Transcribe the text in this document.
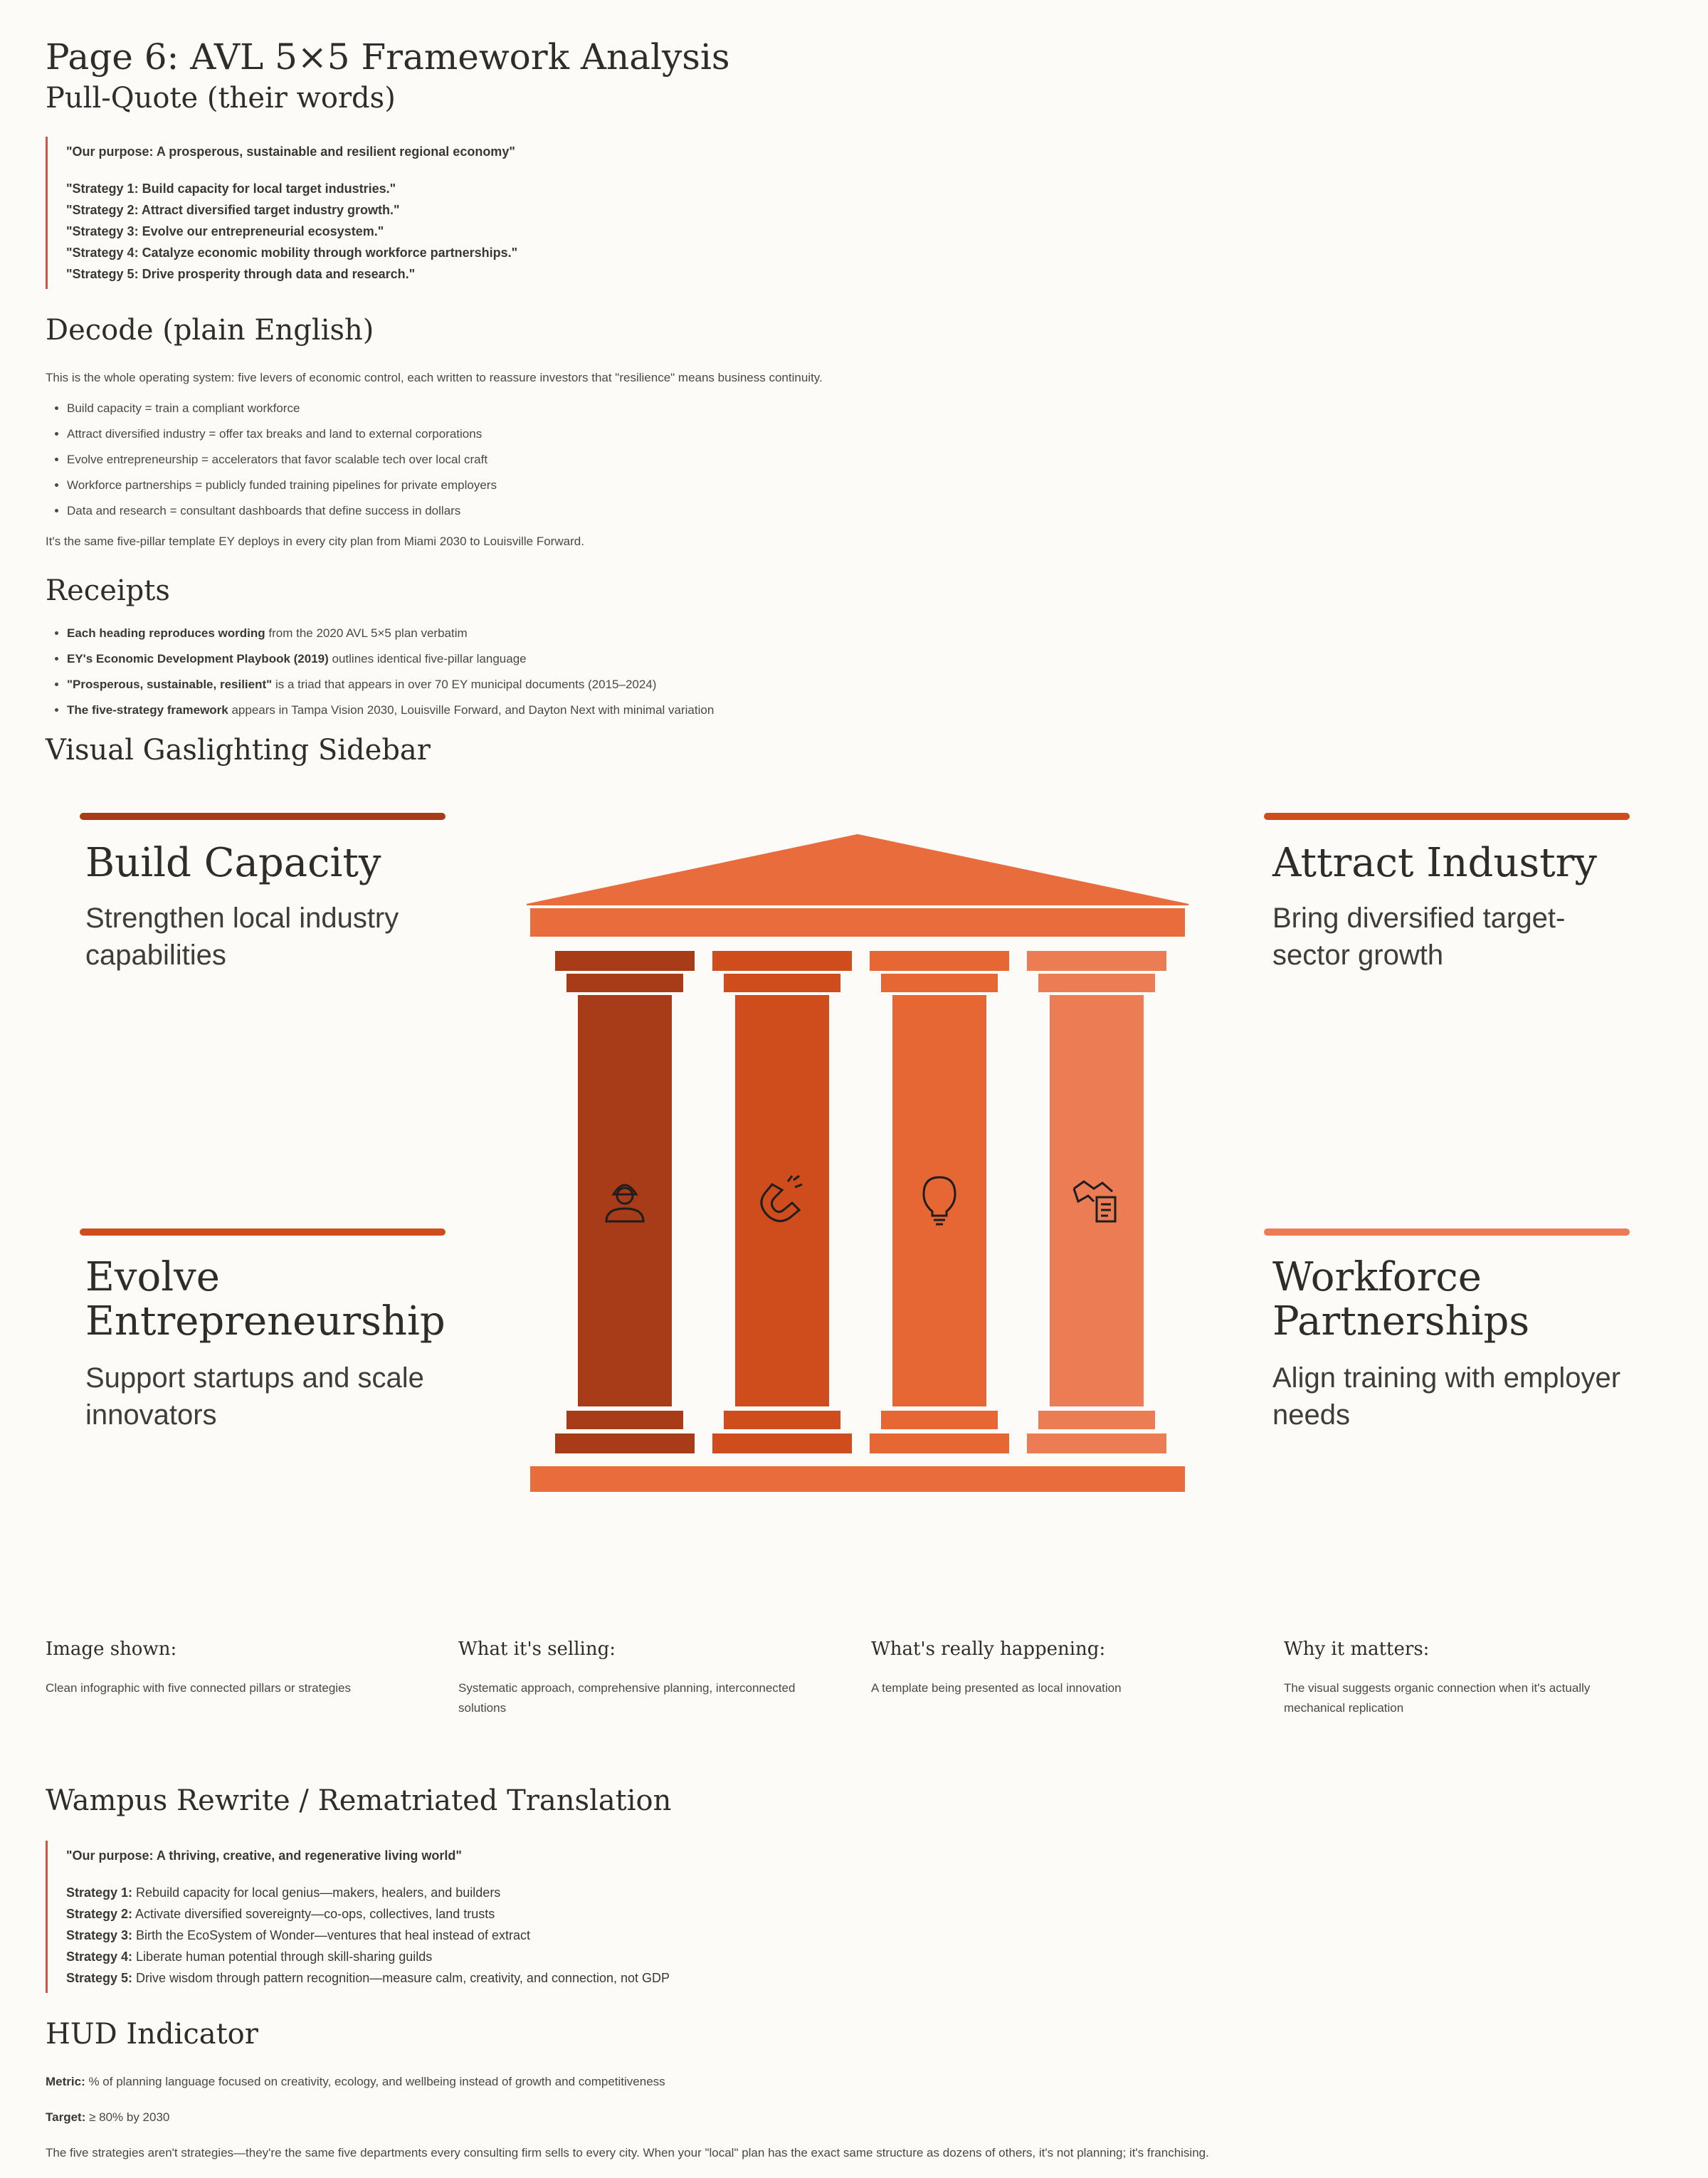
Page 6: AVL 5×5 Framework Analysis
Pull-Quote (their words)

"Our purpose: A prosperous, sustainable and resilient regional economy"

"Strategy 1: Build capacity for local target industries."

"Strategy 2: Attract diversified target industry growth."

"Strategy 3: Evolve our entrepreneurial ecosystem."

"Strategy 4: Catalyze economic mobility through workforce partnerships."

"Strategy 5: Drive prosperity through data and research."

Decode (plain English)

This is the whole operating system: five levers of economic control, each written to reassure investors that "resilience" means business continuity.

• Build capacity = train a compliant workforce
• Attract diversified industry = offer tax breaks and land to external corporations
• Evolve entrepreneurship = accelerators that favor scalable tech over local craft
• Workforce partnerships = publicly funded training pipelines for private employers
• Data and research = consultant dashboards that define success in dollars

It's the same five-pillar template EY deploys in every city plan from Miami 2030 to Louisville Forward.

Receipts
• Each heading reproduces wording from the 2020 AVL 5×5 plan verbatim
• EY's Economic Development Playbook (2019) outlines identical five-pillar language
• "Prosperous, sustainable, resilient" is a triad that appears in over 70 EY municipal documents (2015–2024)
• The five-strategy framework appears in Tampa Vision 2030, Louisville Forward, and Dayton Next with minimal variation
Visual Gaslighting Sidebar
Build Capacity
Strengthen local industry capabilities
Attract Industry
Bring diversified target-sector growth
Evolve Entrepreneurship
Support startups and scale innovators
Workforce Partnerships
Align training with employer needs

Image shown:

Clean infographic with five connected pillars or strategies

What it's selling:

Systematic approach, comprehensive planning, interconnected solutions

What's really happening:

A template being presented as local innovation

Why it matters:

The visual suggests organic connection when it's actually mechanical replication

Wampus Rewrite / Rematriated Translation

"Our purpose: A thriving, creative, and regenerative living world"

Strategy 1: Rebuild capacity for local genius—makers, healers, and builders

Strategy 2: Activate diversified sovereignty—co-ops, collectives, land trusts

Strategy 3: Birth the EcoSystem of Wonder—ventures that heal instead of extract

Strategy 4: Liberate human potential through skill-sharing guilds

Strategy 5: Drive wisdom through pattern recognition—measure calm, creativity, and connection, not GDP

HUD Indicator

Metric: % of planning language focused on creativity, ecology, and wellbeing instead of growth and competitiveness

Target: ≥ 80% by 2030

The five strategies aren't strategies—they're the same five departments every consulting firm sells to every city. When your "local" plan has the exact same structure as dozens of others, it's not planning; it's franchising.
